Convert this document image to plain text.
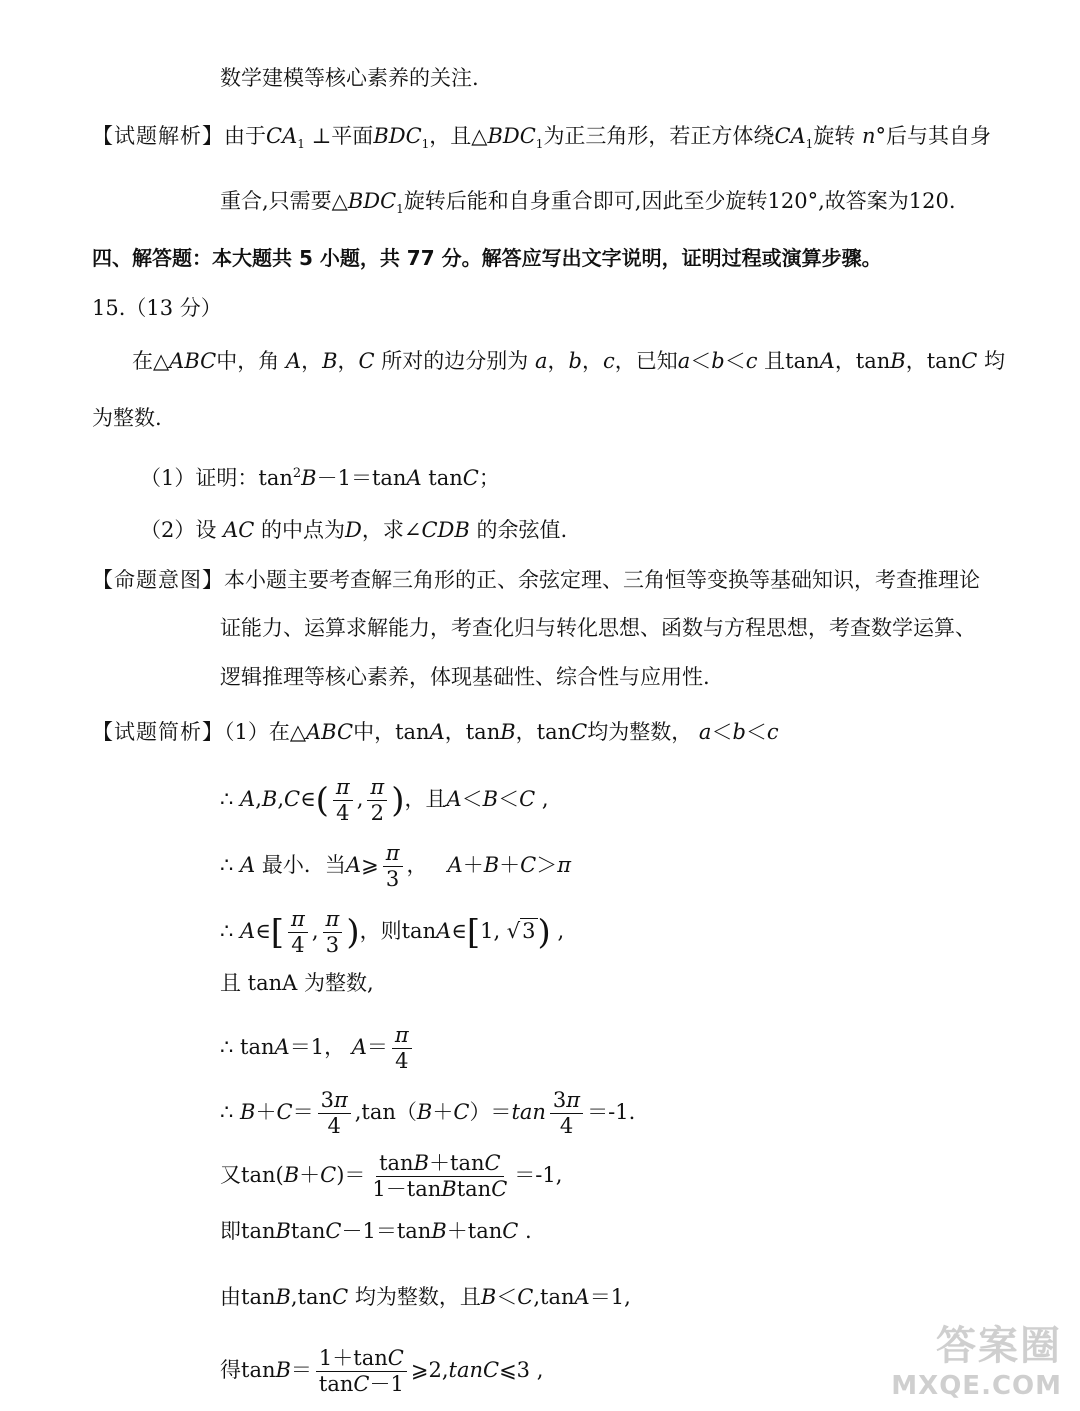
数学建模等核心素养的关注.
【试题解析】由于$CA_1$ ⊥平面$BDC_1$，且$\triangle BDC_1$为正三角形，若正方体绕$CA_1$旋转 n°后与其自身
重合,只需要$\triangle BDC_1$旋转后能和自身重合即可,因此至少旋转120°,故答案为120.
四、解答题：本大题共 5 小题，共 77 分。解答应写出文字说明，证明过程或演算步骤。
15.（13 分）
在△ABC中，角 A，B，C 所对的边分别为 a，b，c，已知a＜b＜c 且tanA，tanB，tanC 均
为整数.
（1）证明：$\tan^2B-1=\tan A$ tanC；
（2）设 AC 的中点为D，求∠CDB 的余弦值.
【命题意图】本小题主要考查解三角形的正、余弦定理、三角恒等变换等基础知识，考查推理论
证能力、运算求解能力，考查化归与转化思想、函数与方程思想，考查数学运算、
逻辑推理等核心素养，体现基础性、综合性与应用性.
【试题简析】（1）在△ABC中，tanA，tanB，tanC均为整数， a＜b＜c
∴ A,B,C∈( $\frac{\pi}{4}$ , $\frac{\pi}{2}$ )，且A＜B＜C ,
∴ A 最小．当A⩾ $\frac{\pi}{3}$ ，   A＋B＋C＞π
∴ A∈[ $\frac{\pi}{4}$ , $\frac{\pi}{3}$ )，则tanA∈[1, √3) ,
且 tanA 为整数,
∴ tanA＝1， $A= \frac{\pi}{4}$
∴ $B+C= \frac{3\pi}{4} ,\tan(B+C)=\tan \frac{3\pi}{4} =-1$.
又$\tan(B+C)= \frac{\tan B+\tan C}{\text{1－tanBtanC}} =-1$,
即tanBtanC－1＝tanB＋tanC .
由tanB,tanC 均为整数，且B＜C,tanA＝1,
得$\tan B= \frac{1+\tan C}{\tan C-1}$ ⩾2,tanC⩽3 ,
答案圈
MXQE.COM
